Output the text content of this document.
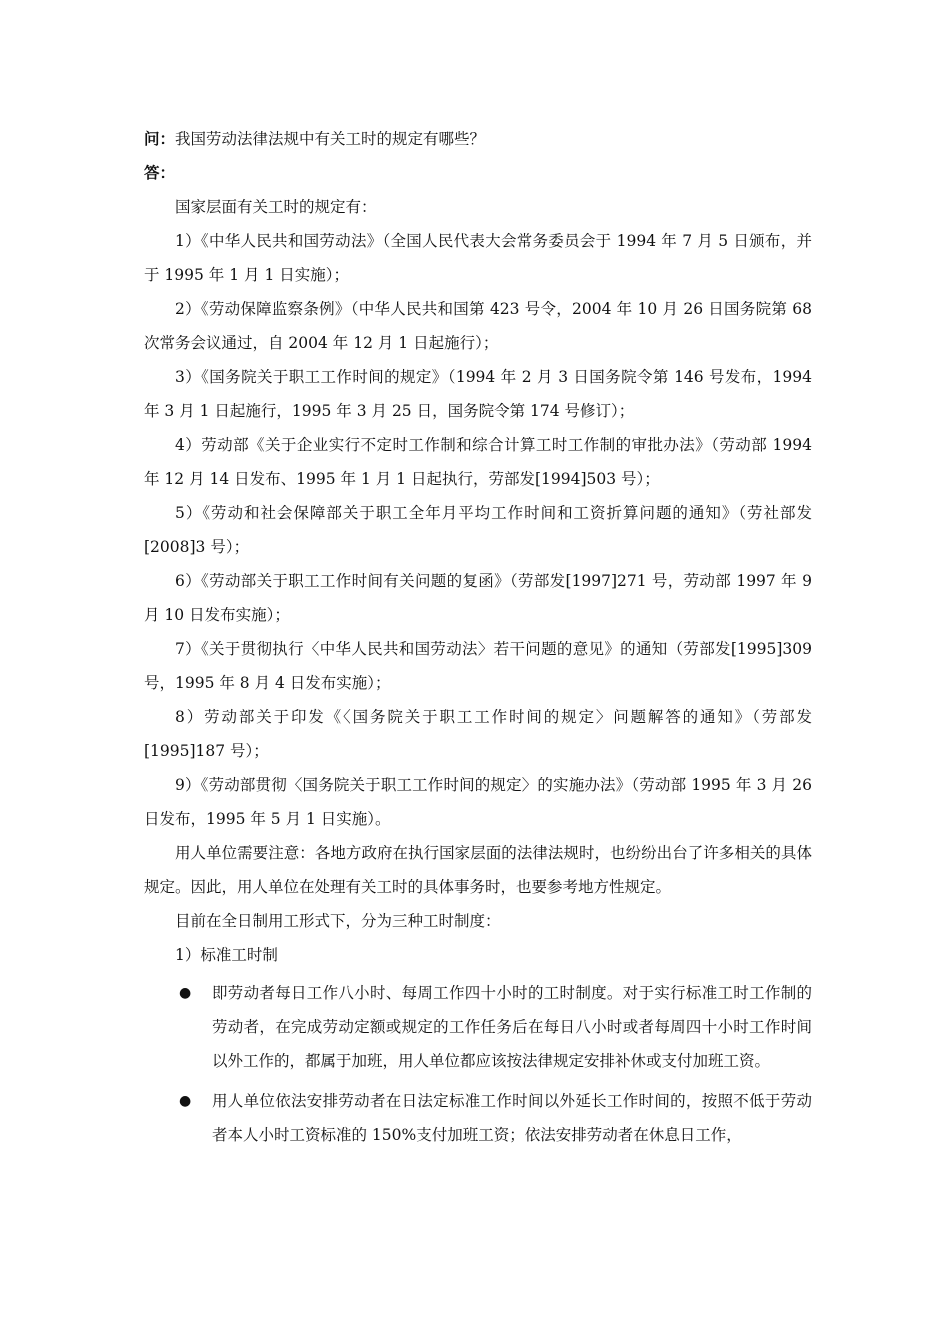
问：我国劳动法律法规中有关工时的规定有哪些？

答：

国家层面有关工时的规定有：

1）《中华人民共和国劳动法》（全国人民代表大会常务委员会于 1994 年 7 月 5 日颁布，并于 1995 年 1 月 1 日实施）；

2）《劳动保障监察条例》（中华人民共和国第 423 号令，2004 年 10 月 26 日国务院第 68 次常务会议通过，自 2004 年 12 月 1 日起施行）；

3）《国务院关于职工工作时间的规定》（1994 年 2 月 3 日国务院令第 146 号发布，1994 年 3 月 1 日起施行，1995 年 3 月 25 日，国务院令第 174 号修订）；

4）劳动部《关于企业实行不定时工作制和综合计算工时工作制的审批办法》（劳动部 1994 年 12 月 14 日发布、1995 年 1 月 1 日起执行，劳部发[1994]503 号）；

5）《劳动和社会保障部关于职工全年月平均工作时间和工资折算问题的通知》（劳社部发[2008]3 号）；

6）《劳动部关于职工工作时间有关问题的复函》（劳部发[1997]271 号，劳动部 1997 年 9 月 10 日发布实施）；

7）《关于贯彻执行〈中华人民共和国劳动法〉若干问题的意见》的通知（劳部发[1995]309 号，1995 年 8 月 4 日发布实施）；

8）劳动部关于印发《〈国务院关于职工工作时间的规定〉问题解答的通知》（劳部发[1995]187 号）；

9）《劳动部贯彻〈国务院关于职工工作时间的规定〉的实施办法》（劳动部 1995 年 3 月 26 日发布，1995 年 5 月 1 日实施）。

用人单位需要注意：各地方政府在执行国家层面的法律法规时，也纷纷出台了许多相关的具体规定。因此，用人单位在处理有关工时的具体事务时，也要参考地方性规定。

目前在全日制用工形式下，分为三种工时制度：

1）标准工时制

● 即劳动者每日工作八小时、每周工作四十小时的工时制度。对于实行标准工时工作制的劳动者，在完成劳动定额或规定的工作任务后在每日八小时或者每周四十小时工作时间以外工作的，都属于加班，用人单位都应该按法律规定安排补休或支付加班工资。

● 用人单位依法安排劳动者在日法定标准工作时间以外延长工作时间的，按照不低于劳动者本人小时工资标准的 150%支付加班工资；依法安排劳动者在休息日工作，
